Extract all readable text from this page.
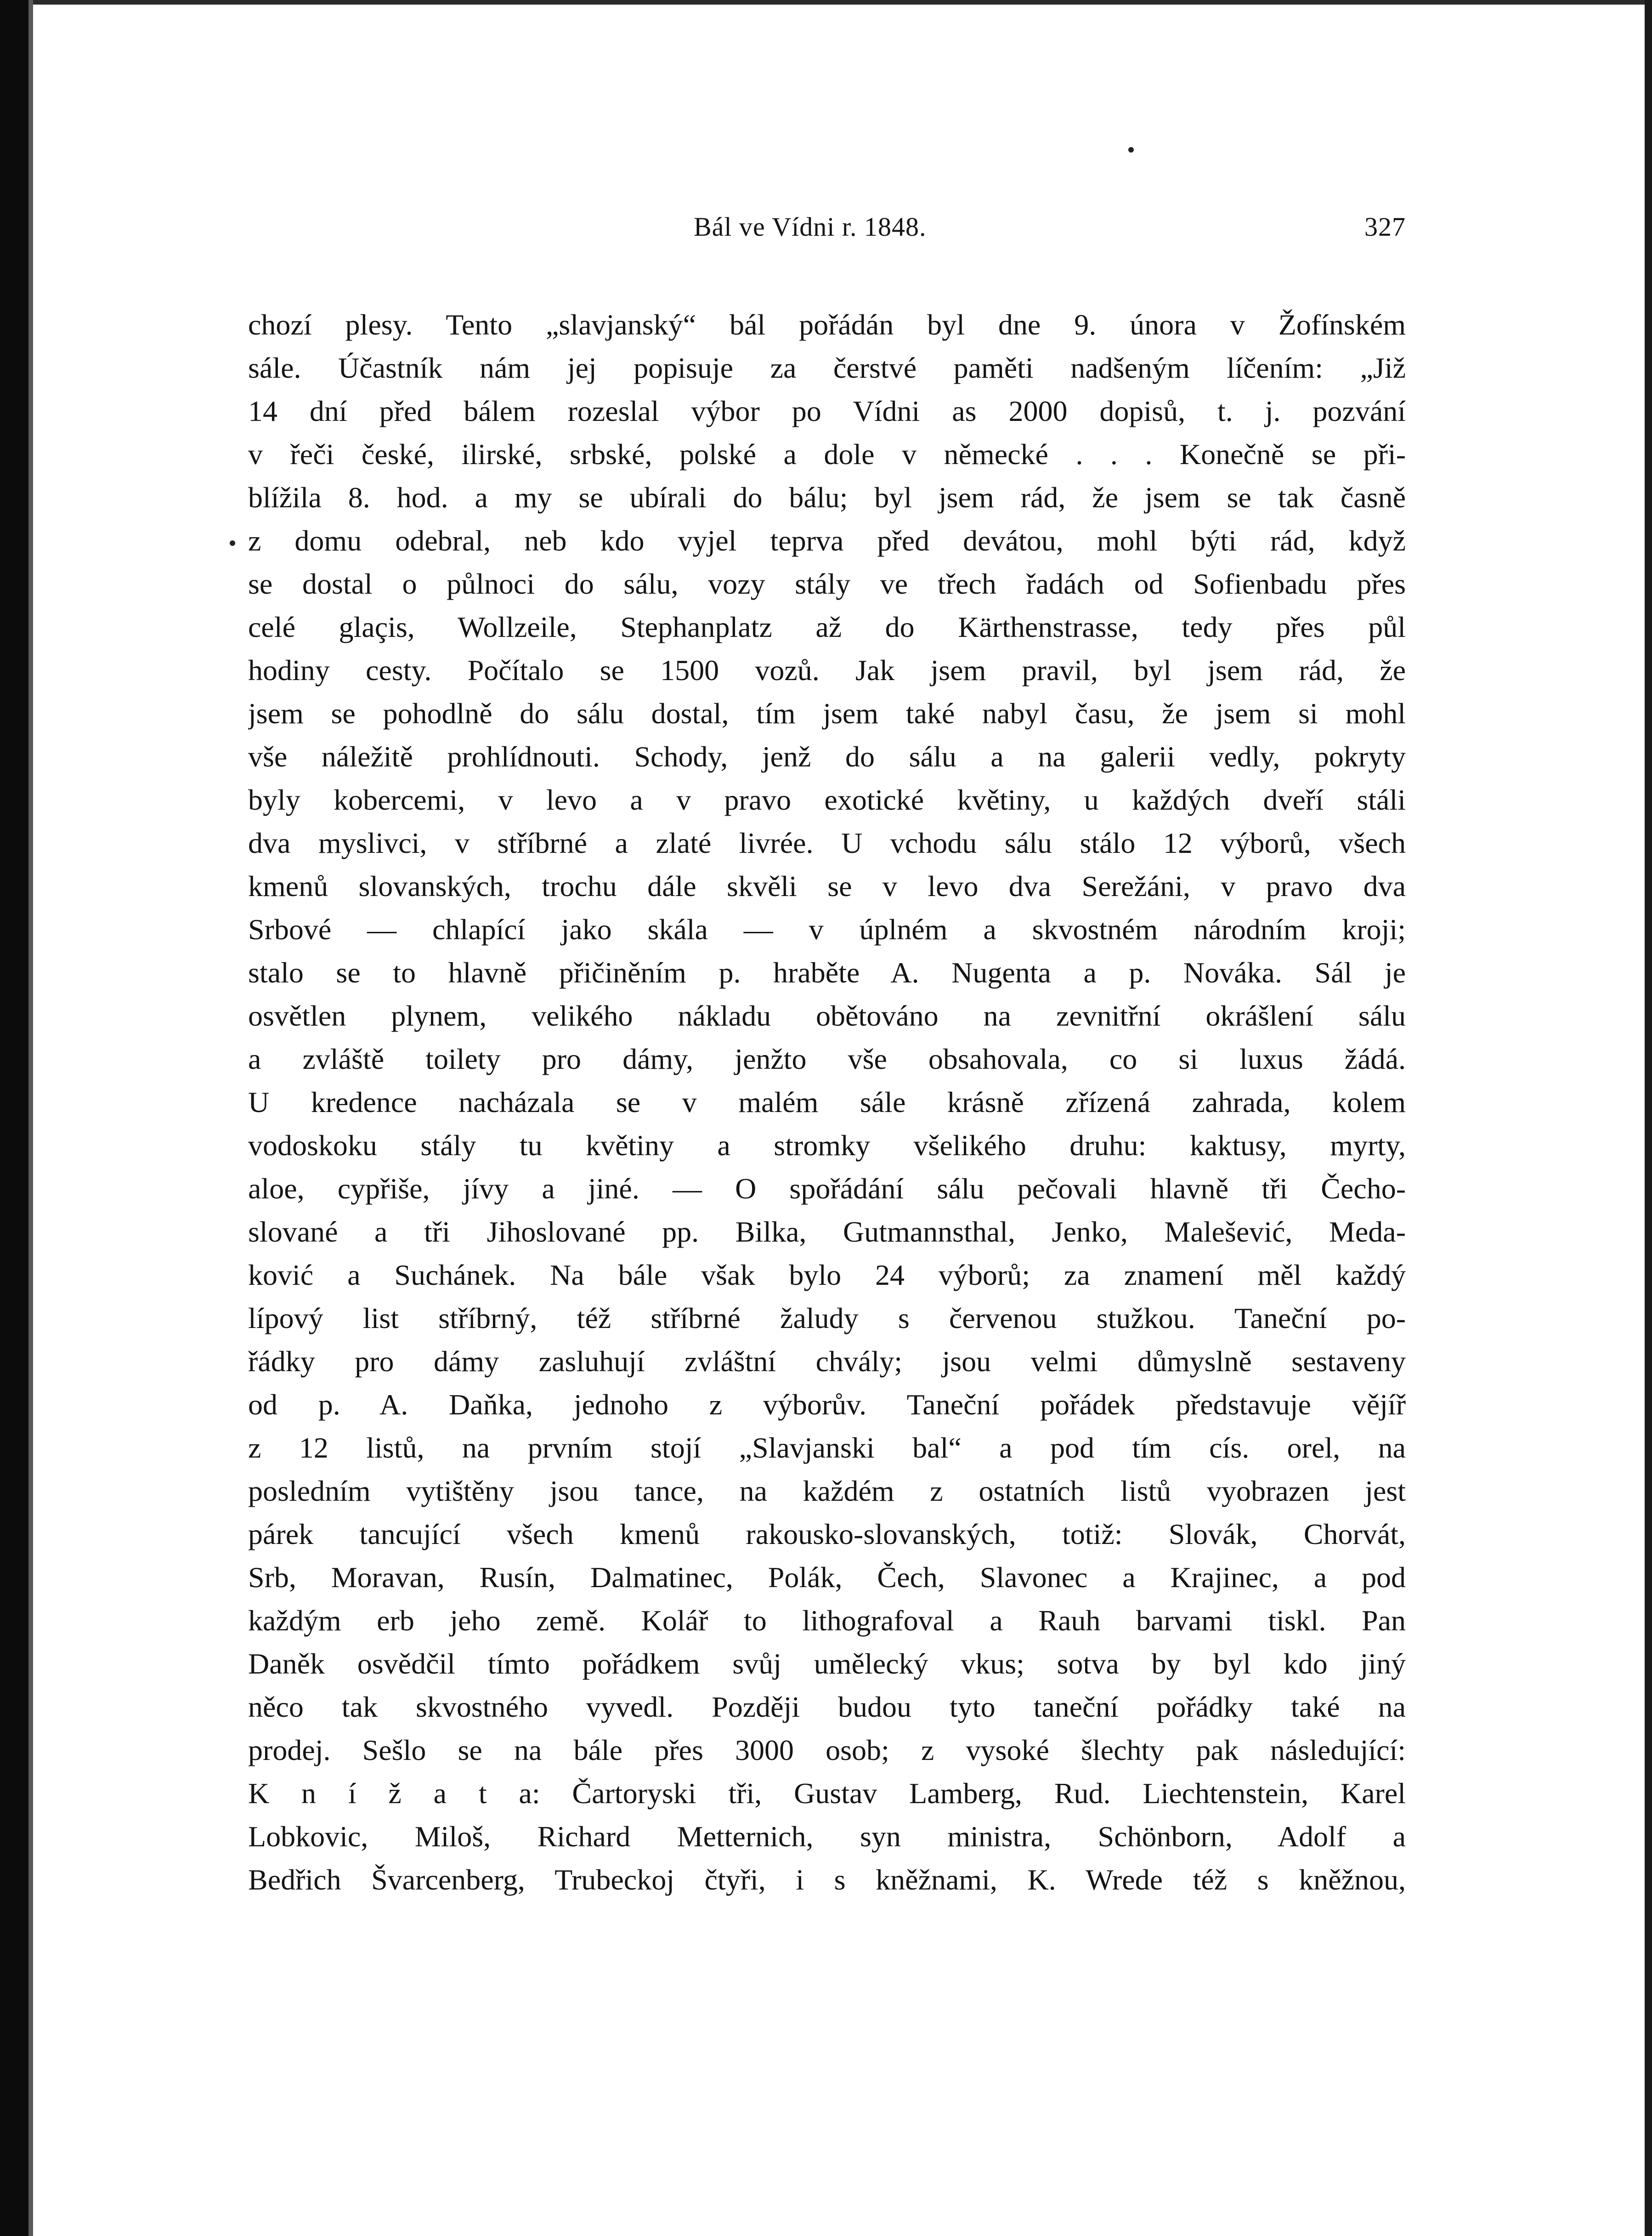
Bál ve Vídni r. 1848.	327
chozí plesy. Tento „slavjanský“ bál pořádán byl dne 9. února v Žofínském
sále. Účastník nám jej popisuje za čerstvé paměti nadšeným líčením: „Již
14 dní před bálem rozeslal výbor po Vídni as 2000 dopisů, t. j. pozvání
v řeči české, ilirské, srbské, polské a dole v německé . . . Konečně se při-
blížila 8. hod. a my se ubírali do bálu; byl jsem rád, že jsem se tak časně
z domu odebral, neb kdo vyjel teprva před devátou, mohl býti rád, když
se dostal o půlnoci do sálu, vozy stály ve třech řadách od Sofienbadu přes
celé glaçis, Wollzeile, Stephanplatz až do Kärthenstrasse, tedy přes půl
hodiny cesty. Počítalo se 1500 vozů. Jak jsem pravil, byl jsem rád, že
jsem se pohodlně do sálu dostal, tím jsem také nabyl času, že jsem si mohl
vše náležitě prohlídnouti. Schody, jenž do sálu a na galerii vedly, pokryty
byly kobercemi, v levo a v pravo exotické květiny, u každých dveří stáli
dva myslivci, v stříbrné a zlaté livrée. U vchodu sálu stálo 12 výborů, všech
kmenů slovanských, trochu dále skvěli se v levo dva Serežáni, v pravo dva
Srbové — chlapící jako skála — v úplném a skvostném národním kroji;
stalo se to hlavně přičiněním p. hraběte A. Nugenta a p. Nováka. Sál je
osvětlen plynem, velikého nákladu obětováno na zevnitřní okrášlení sálu
a zvláště toilety pro dámy, jenžto vše obsahovala, co si luxus žádá.
U kredence nacházala se v malém sále krásně zřízená zahrada, kolem
vodoskoku stály tu květiny a stromky všelikého druhu: kaktusy, myrty,
aloe, cypřiše, jívy a jiné. — O spořádání sálu pečovali hlavně tři Čecho-
slované a tři Jihoslované pp. Bilka, Gutmannsthal, Jenko, Malešević, Meda-
ković a Suchánek. Na bále však bylo 24 výborů; za znamení měl každý
lípový list stříbrný, též stříbrné žaludy s červenou stužkou. Taneční po-
řádky pro dámy zasluhují zvláštní chvály; jsou velmi důmyslně sestaveny
od p. A. Daňka, jednoho z výborův. Taneční pořádek představuje vějíř
z 12 listů, na prvním stojí „Slavjanski bal“ a pod tím cís. orel, na
posledním vytištěny jsou tance, na každém z ostatních listů vyobrazen jest
párek tancující všech kmenů rakousko-slovanských, totiž: Slovák, Chorvát,
Srb, Moravan, Rusín, Dalmatinec, Polák, Čech, Slavonec a Krajinec, a pod
každým erb jeho země. Kolář to lithografoval a Rauh barvami tiskl. Pan
Daněk osvědčil tímto pořádkem svůj umělecký vkus; sotva by byl kdo jiný
něco tak skvostného vyvedl. Později budou tyto taneční pořádky také na
prodej. Sešlo se na bále přes 3000 osob; z vysoké šlechty pak následující:
K n í ž a t a: Čartoryski tři, Gustav Lamberg, Rud. Liechtenstein, Karel
Lobkovic, Miloš, Richard Metternich, syn ministra, Schönborn, Adolf a
Bedřich Švarcenberg, Trubeckoj čtyři, i s kněžnami, K. Wrede též s kněžnou,
